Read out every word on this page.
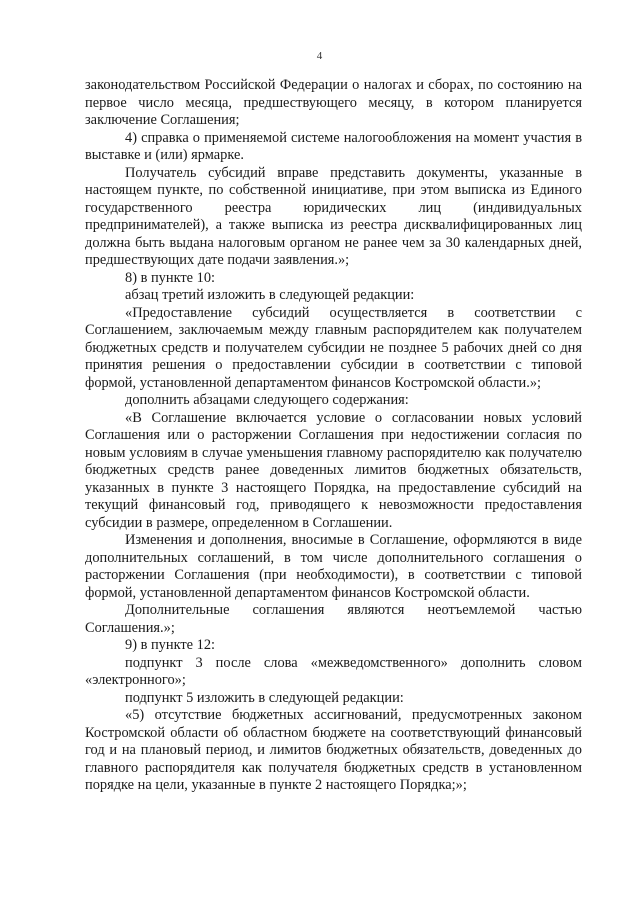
4

законодательством Российской Федерации о налогах и сборах, по состоянию на первое число месяца, предшествующего месяцу, в котором планируется заключение Соглашения;

4) справка о применяемой системе налогообложения на момент участия в выставке и (или) ярмарке.

Получатель субсидий вправе представить документы, указанные в настоящем пункте, по собственной инициативе, при этом выписка из Единого государственного реестра юридических лиц (индивидуальных предпринимателей), а также выписка из реестра дисквалифицированных лиц должна быть выдана налоговым органом не ранее чем за 30 календарных дней, предшествующих дате подачи заявления.»;

8) в пункте 10:

абзац третий изложить в следующей редакции:

«Предоставление субсидий осуществляется в соответствии с Соглашением, заключаемым между главным распорядителем как получателем бюджетных средств и получателем субсидии не позднее 5 рабочих дней со дня принятия решения о предоставлении субсидии в соответствии с типовой формой, установленной департаментом финансов Костромской области.»;

дополнить абзацами следующего содержания:

«В Соглашение включается условие о согласовании новых условий Соглашения или о расторжении Соглашения при недостижении согласия по новым условиям в случае уменьшения главному распорядителю как получателю бюджетных средств ранее доведенных лимитов бюджетных обязательств, указанных в пункте 3 настоящего Порядка, на предоставление субсидий на текущий финансовый год, приводящего к невозможности предоставления субсидии в размере, определенном в Соглашении.

Изменения и дополнения, вносимые в Соглашение, оформляются в виде дополнительных соглашений, в том числе дополнительного соглашения о расторжении Соглашения (при необходимости), в соответствии с типовой формой, установленной департаментом финансов Костромской области.

Дополнительные соглашения являются неотъемлемой частью Соглашения.»;

9) в пункте 12:

подпункт 3 после слова «межведомственного» дополнить словом «электронного»;

подпункт 5 изложить в следующей редакции:

«5) отсутствие бюджетных ассигнований, предусмотренных законом Костромской области об областном бюджете на соответствующий финансовый год и на плановый период, и лимитов бюджетных обязательств, доведенных до главного распорядителя как получателя бюджетных средств в установленном порядке на цели, указанные в пункте 2 настоящего Порядка;»;
